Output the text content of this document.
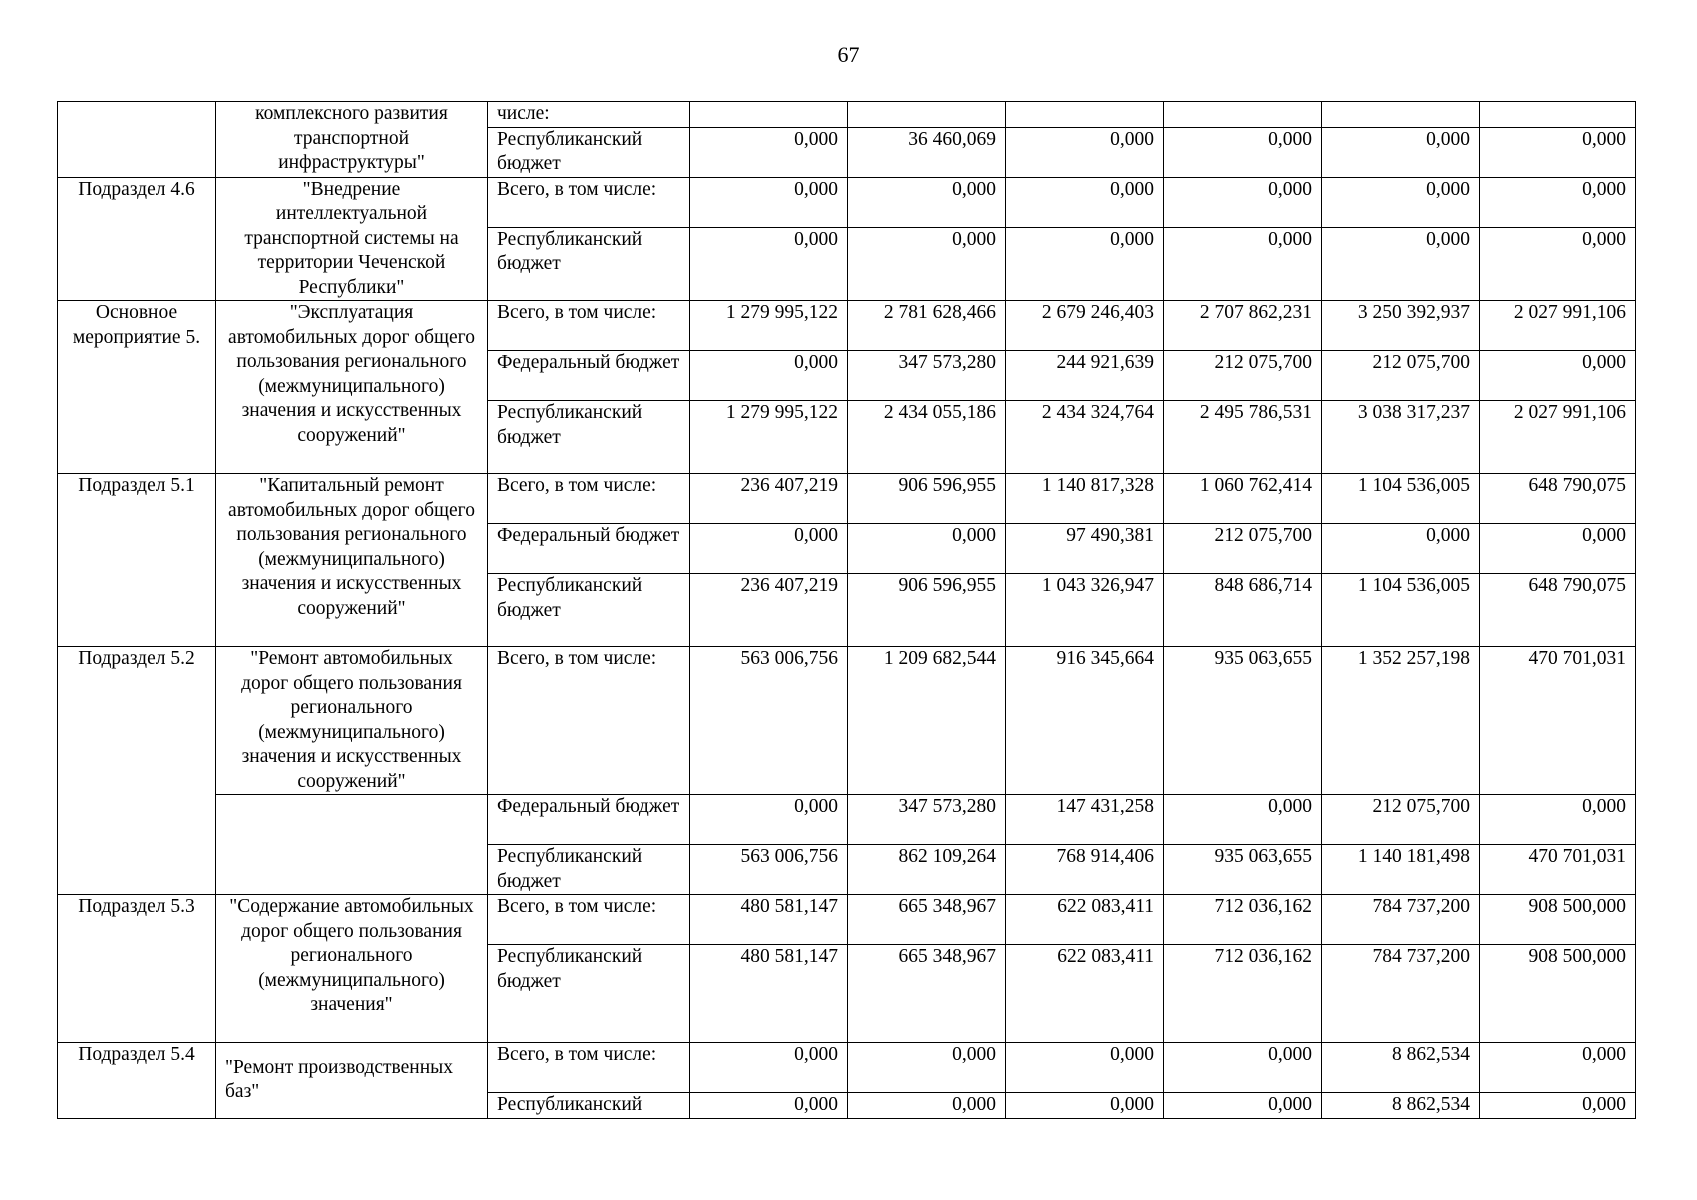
67
	комплексного развития транспортной инфраструктуры"	числе:						
		Республиканский бюджет	0,000	36 460,069	0,000	0,000	0,000	0,000
Подраздел 4.6	"Внедрение интеллектуальной транспортной системы на территории Чеченской Республики"	Всего, в том числе:	0,000	0,000	0,000	0,000	0,000	0,000
		Республиканский бюджет	0,000	0,000	0,000	0,000	0,000	0,000
Основное мероприятие 5.	"Эксплуатация автомобильных дорог общего пользования регионального (межмуниципального) значения и искусственных сооружений"	Всего, в том числе:	1 279 995,122	2 781 628,466	2 679 246,403	2 707 862,231	3 250 392,937	2 027 991,106
		Федеральный бюджет	0,000	347 573,280	244 921,639	212 075,700	212 075,700	0,000
		Республиканский бюджет	1 279 995,122	2 434 055,186	2 434 324,764	2 495 786,531	3 038 317,237	2 027 991,106
Подраздел 5.1	"Капитальный ремонт автомобильных дорог общего пользования регионального (межмуниципального) значения и искусственных сооружений"	Всего, в том числе:	236 407,219	906 596,955	1 140 817,328	1 060 762,414	1 104 536,005	648 790,075
		Федеральный бюджет	0,000	0,000	97 490,381	212 075,700	0,000	0,000
		Республиканский бюджет	236 407,219	906 596,955	1 043 326,947	848 686,714	1 104 536,005	648 790,075
Подраздел 5.2	"Ремонт автомобильных дорог общего пользования регионального (межмуниципального) значения и искусственных сооружений"	Всего, в том числе:	563 006,756	1 209 682,544	916 345,664	935 063,655	1 352 257,198	470 701,031
		Федеральный бюджет	0,000	347 573,280	147 431,258	0,000	212 075,700	0,000
		Республиканский бюджет	563 006,756	862 109,264	768 914,406	935 063,655	1 140 181,498	470 701,031
Подраздел 5.3	"Содержание автомобильных дорог общего пользования регионального (межмуниципального) значения"	Всего, в том числе:	480 581,147	665 348,967	622 083,411	712 036,162	784 737,200	908 500,000
		Республиканский бюджет	480 581,147	665 348,967	622 083,411	712 036,162	784 737,200	908 500,000
Подраздел 5.4	"Ремонт производственных баз"	Всего, в том числе:	0,000	0,000	0,000	0,000	8 862,534	0,000
		Республиканский	0,000	0,000	0,000	0,000	8 862,534	0,000
